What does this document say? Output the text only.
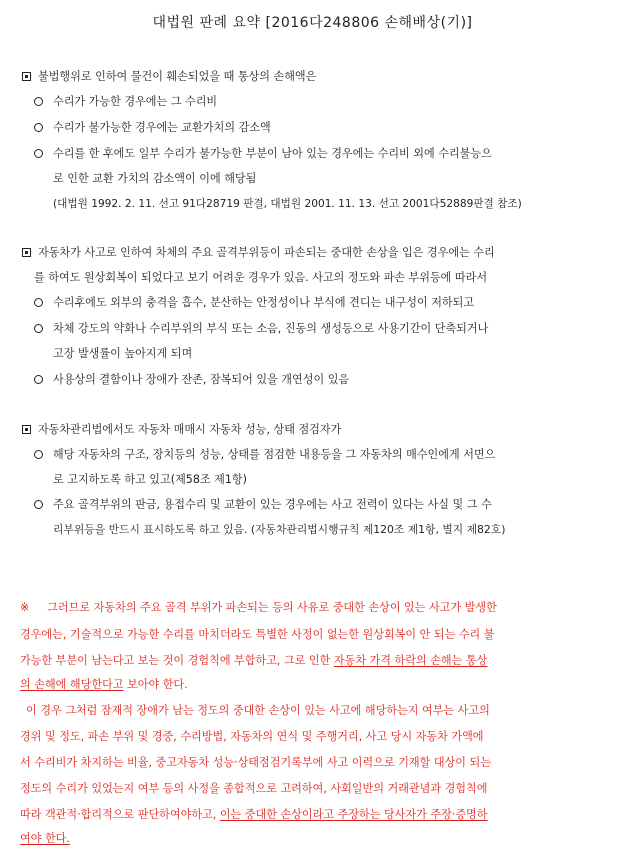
대법원 판례 요약 [2016다248806 손해배상(기)]
불법행위로 인하여 물건이 훼손되었을 때 통상의 손해액은
수리가 가능한 경우에는 그 수리비
수리가 불가능한 경우에는 교환가치의 감소액
수리를 한 후에도 일부 수리가 불가능한 부분이 남아 있는 경우에는 수리비 외에 수리불능으
로 인한 교환 가치의 감소액이 이에 해당됨
(대법원 1992. 2. 11. 선고 91다28719 판결, 대법원 2001. 11. 13. 선고 2001다52889판결 참조)
자동차가 사고로 인하여 차체의 주요 골격부위등이 파손되는 중대한 손상을 입은 경우에는 수리
를 하여도 원상회복이 되었다고 보기 어려운 경우가 있음. 사고의 정도와 파손 부위등에 따라서
수리후에도 외부의 충격을 흡수, 분산하는 안정성이나 부식에 견디는 내구성이 저하되고
차체 강도의 약화나 수리부위의 부식 또는 소음, 진동의 생성등으로 사용기간이 단축되거나
고장 발생률이 높아지게 되며
사용상의 결함이나 장애가 잔존, 잠복되어 있을 개연성이 있음
자동차관리법에서도 자동차 매매시 자동차 성능, 상태 점검자가
해당 자동차의 구조, 장치등의 성능, 상태를 점검한 내용등을 그 자동차의 매수인에게 서면으
로 고지하도록 하고 있고(제58조 제1항)
주요 골격부위의 판금, 용접수리 및 교환이 있는 경우에는 사고 전력이 있다는 사실 및 그 수
리부위등을 반드시 표시하도록 하고 있음. (자동차관리법시행규칙 제120조 제1항, 별지 제82호)
※ 그러므로 자동차의 주요 골격 부위가 파손되는 등의 사유로 중대한 손상이 있는 사고가 발생한
경우에는, 기술적으로 가능한 수리를 마치더라도 특별한 사정이 없는한 원상회복이 안 되는 수리 불
가능한 부분이 남는다고 보는 것이 경험칙에 부합하고, 그로 인한 자동차 가격 하락의 손해는 통상
의 손해에 해당한다고 보아야 한다.
이 경우 그처럼 잠재적 장애가 남는 정도의 중대한 손상이 있는 사고에 해당하는지 여부는 사고의
경위 및 정도, 파손 부위 및 경중, 수리방법, 자동차의 연식 및 주행거리, 사고 당시 자동차 가액에
서 수리비가 차지하는 비율, 중고자동차 성능·상태점검기록부에 사고 이력으로 기재할 대상이 되는
정도의 수리가 있었는지 여부 등의 사정을 종합적으로 고려하여, 사회일반의 거래관념과 경험칙에
따라 객관적·합리적으로 판단하여야하고, 이는 중대한 손상이라고 주장하는 당사자가 주장·증명하
여야 한다.
